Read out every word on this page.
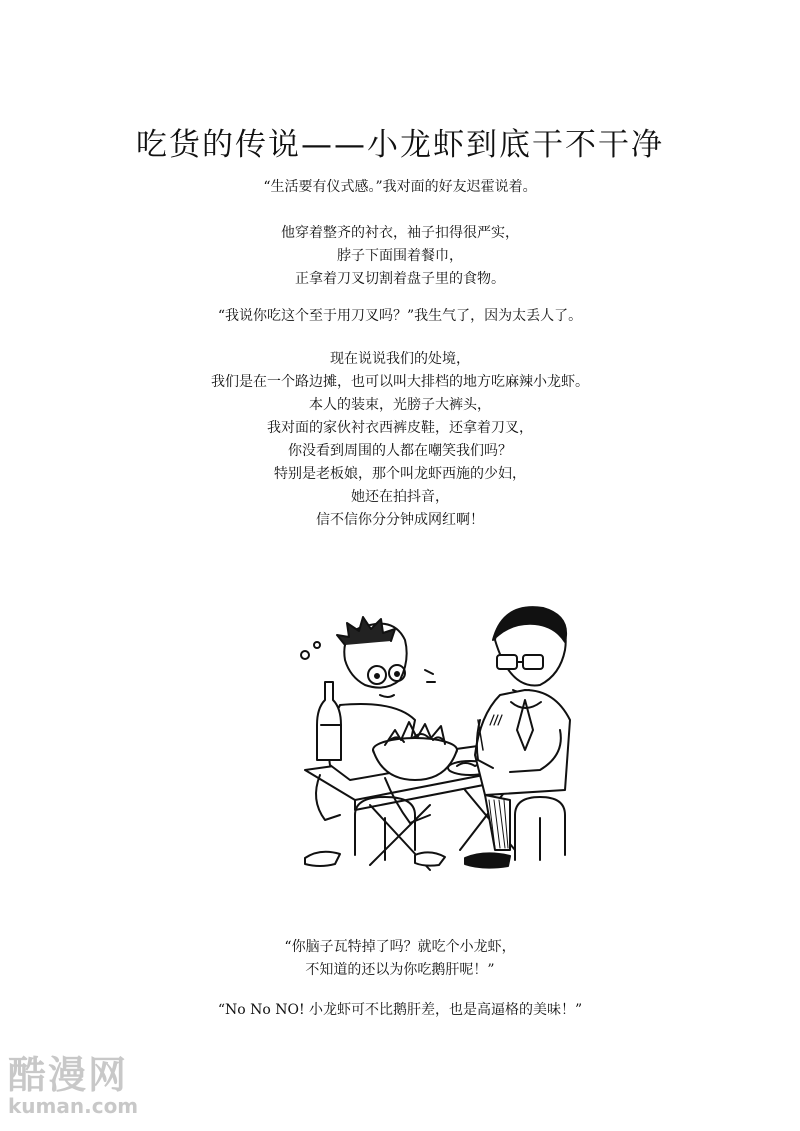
吃货的传说——小龙虾到底干不干净
“生活要有仪式感。”我对面的好友迟霍说着。
他穿着整齐的衬衣，袖子扣得很严实，
脖子下面围着餐巾，
正拿着刀叉切割着盘子里的食物。
“我说你吃这个至于用刀叉吗？”我生气了，因为太丢人了。
现在说说我们的处境，
我们是在一个路边摊，也可以叫大排档的地方吃麻辣小龙虾。
本人的装束，光膀子大裤头，
我对面的家伙衬衣西裤皮鞋，还拿着刀叉，
你没看到周围的人都在嘲笑我们吗？
特别是老板娘，那个叫龙虾西施的少妇，
她还在拍抖音，
信不信你分分钟成网红啊！
“你脑子瓦特掉了吗？就吃个小龙虾，
不知道的还以为你吃鹅肝呢！”
“No No NO! 小龙虾可不比鹅肝差，也是高逼格的美味！”
酷漫网
kuman.com
